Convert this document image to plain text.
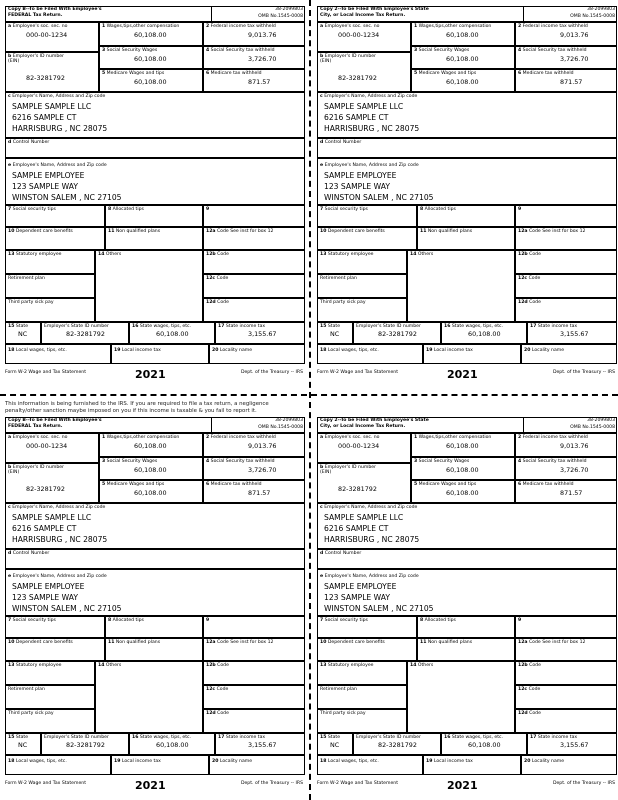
This information is being furnished to the IRS. If you are required to file a tax return, a negligence penalty/other sanction maybe imposed on you if this income is taxable & you fail to report it.
Copy B--To be Filed With Employee's
FEDERAL Tax Return.
38-2099803
OMB No.1545-0008
a Employee's soc. sec. no
000-00-1234
b Employer's ID number
(EIN)
82-3281792
1 Wages,tips,other compensation
60,108.00
2 Federal income tax withheld
9,013.76
3 Social Security Wages
60,108.00
4 Social Security tax withheld
3,726.70
5 Medicare Wages and tips
60,108.00
6 Medicare tax withheld
871.57
c Employer's Name, Address and Zip code
SAMPLE SAMPLE LLC
6216 SAMPLE CT
HARRISBURG , NC 28075
d Control Number
e Employee's Name, Address and Zip code
SAMPLE EMPLOYEE
123 SAMPLE WAY
WINSTON SALEM , NC 27105
7 Social security tips	8 Allocated tips	9
10 Dependent care benefits	11 Non qualified plans	12a Code See inst for box 12
13 Statutory employee
Retirement plan
Third party sick pay
14 Others	12b Code
12c Code
12d Code
15 State
NC
Employer's State ID number
82-3281792
16 State wages, tips, etc.
60,108.00
17 State income tax
3,155.67
18 Local wages, tips, etc.	19 Local income tax	20 Locality name
Form W-2 Wage and Tax Statement	2021	Dept. of the Treasury -- IRS
Copy 2--To be Filed With Employee's State
City, or Local Income Tax Return.
38-2099803
OMB No.1545-0008
a Employee's soc. sec. no
000-00-1234
b Employer's ID number
(EIN)
82-3281792
1 Wages,tips,other compensation
60,108.00
2 Federal income tax withheld
9,013.76
3 Social Security Wages
60,108.00
4 Social Security tax withheld
3,726.70
5 Medicare Wages and tips
60,108.00
6 Medicare tax withheld
871.57
c Employer's Name, Address and Zip code
SAMPLE SAMPLE LLC
6216 SAMPLE CT
HARRISBURG , NC 28075
d Control Number
e Employee's Name, Address and Zip code
SAMPLE EMPLOYEE
123 SAMPLE WAY
WINSTON SALEM , NC 27105
7 Social security tips	8 Allocated tips	9
10 Dependent care benefits	11 Non qualified plans	12a Code See inst for box 12
13 Statutory employee
Retirement plan
Third party sick pay
14 Others	12b Code
12c Code
12d Code
15 State
NC
Employer's State ID number
82-3281792
16 State wages, tips, etc.
60,108.00
17 State income tax
3,155.67
18 Local wages, tips, etc.	19 Local income tax	20 Locality name
Form W-2 Wage and Tax Statement	2021	Dept. of the Treasury -- IRS
Copy B--To be Filed With Employee's
FEDERAL Tax Return.
38-2099803
OMB No.1545-0008
a Employee's soc. sec. no
000-00-1234
b Employer's ID number
(EIN)
82-3281792
1 Wages,tips,other compensation
60,108.00
2 Federal income tax withheld
9,013.76
3 Social Security Wages
60,108.00
4 Social Security tax withheld
3,726.70
5 Medicare Wages and tips
60,108.00
6 Medicare tax withheld
871.57
c Employer's Name, Address and Zip code
SAMPLE SAMPLE LLC
6216 SAMPLE CT
HARRISBURG , NC 28075
d Control Number
e Employee's Name, Address and Zip code
SAMPLE EMPLOYEE
123 SAMPLE WAY
WINSTON SALEM , NC 27105
7 Social security tips	8 Allocated tips	9
10 Dependent care benefits	11 Non qualified plans	12a Code See inst for box 12
13 Statutory employee
Retirement plan
Third party sick pay
14 Others	12b Code
12c Code
12d Code
15 State
NC
Employer's State ID number
82-3281792
16 State wages, tips, etc.
60,108.00
17 State income tax
3,155.67
18 Local wages, tips, etc.	19 Local income tax	20 Locality name
Form W-2 Wage and Tax Statement	2021	Dept. of the Treasury -- IRS
Copy 2--To be Filed With Employee's State
City, or Local Income Tax Return.
38-2099803
OMB No.1545-0008
a Employee's soc. sec. no
000-00-1234
b Employer's ID number
(EIN)
82-3281792
1 Wages,tips,other compensation
60,108.00
2 Federal income tax withheld
9,013.76
3 Social Security Wages
60,108.00
4 Social Security tax withheld
3,726.70
5 Medicare Wages and tips
60,108.00
6 Medicare tax withheld
871.57
c Employer's Name, Address and Zip code
SAMPLE SAMPLE LLC
6216 SAMPLE CT
HARRISBURG , NC 28075
d Control Number
e Employee's Name, Address and Zip code
SAMPLE EMPLOYEE
123 SAMPLE WAY
WINSTON SALEM , NC 27105
7 Social security tips	8 Allocated tips	9
10 Dependent care benefits	11 Non qualified plans	12a Code See inst for box 12
13 Statutory employee
Retirement plan
Third party sick pay
14 Others	12b Code
12c Code
12d Code
15 State
NC
Employer's State ID number
82-3281792
16 State wages, tips, etc.
60,108.00
17 State income tax
3,155.67
18 Local wages, tips, etc.	19 Local income tax	20 Locality name
Form W-2 Wage and Tax Statement	2021	Dept. of the Treasury -- IRS
